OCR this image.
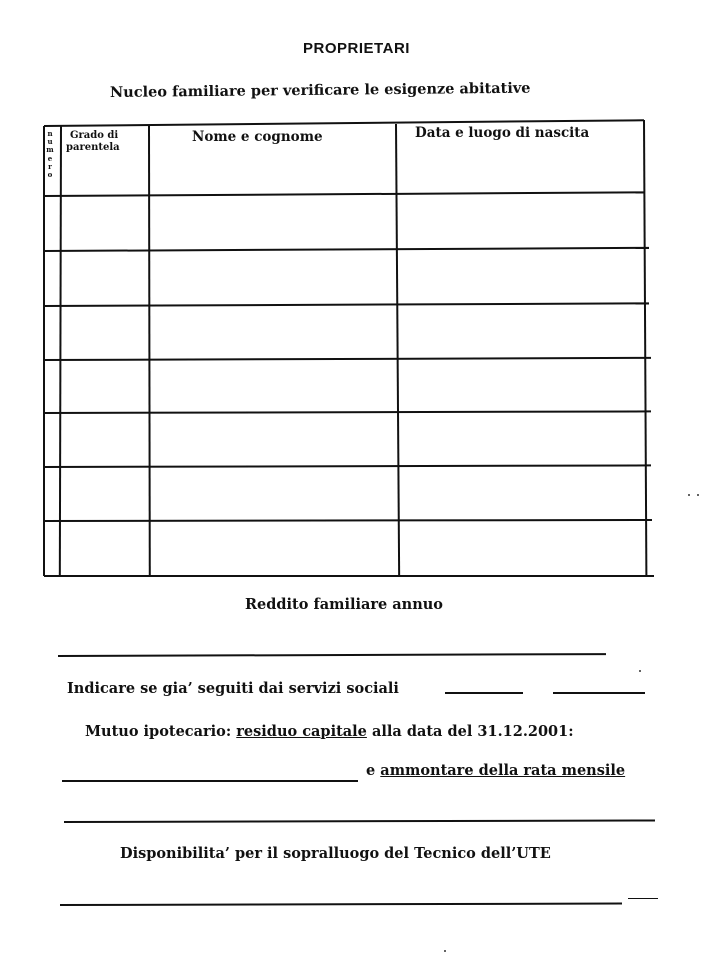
PROPRIETARI
Nucleo familiare per verificare le esigenze abitative
n
u
m
e
r
o
Grado di
parentela
Nome e cognome	Data e luogo di nascita
Reddito familiare annuo
Indicare se gia’ seguiti dai servizi sociali
Mutuo ipotecario: residuo capitale alla data del 31.12.2001:
e ammontare della rata mensile
Disponibilita’ per il sopralluogo del Tecnico dell’UTE
